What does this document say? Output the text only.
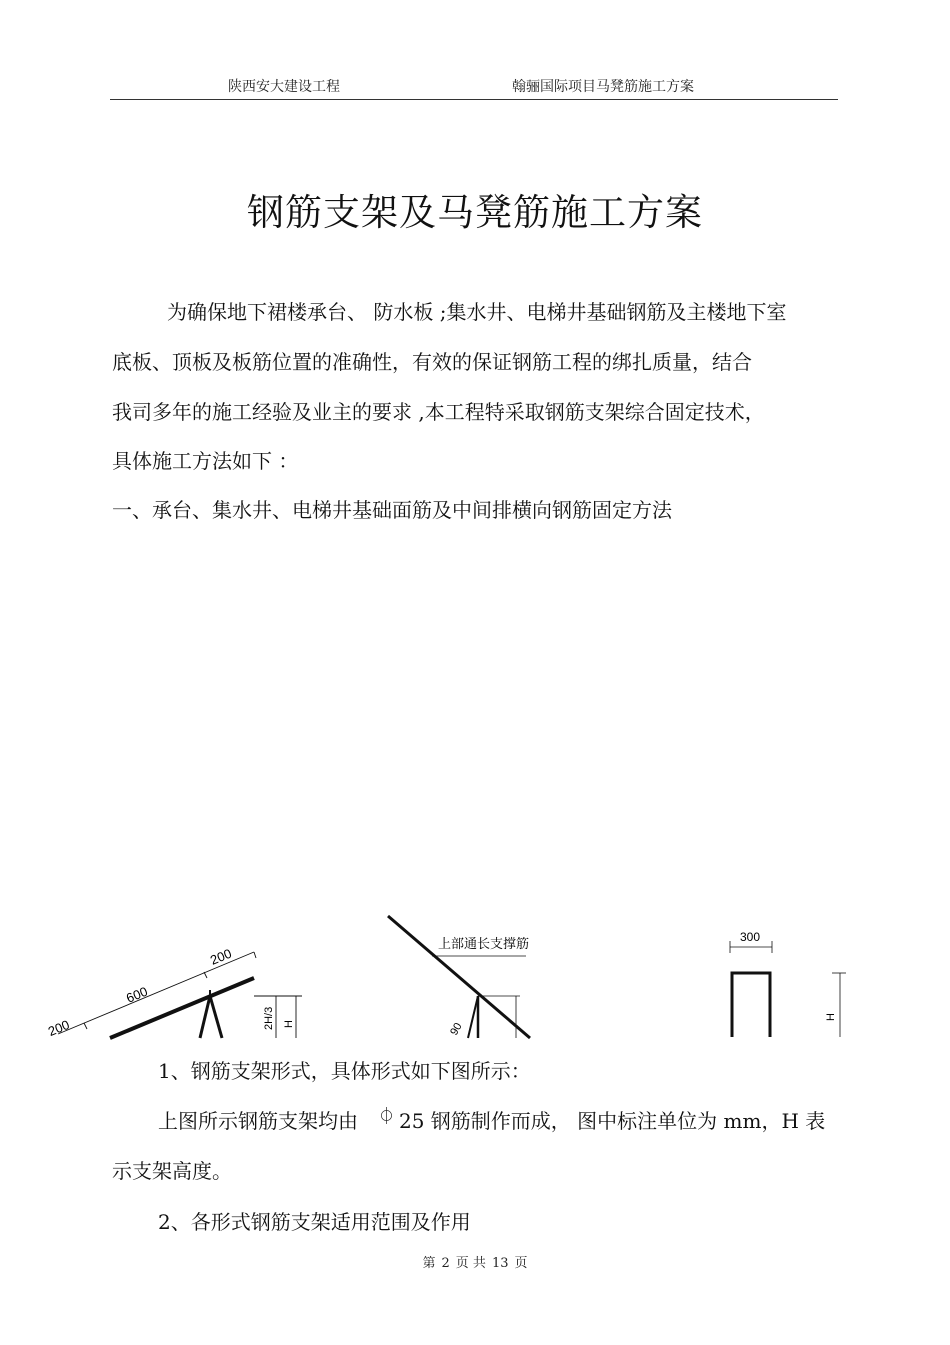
陕西安大建设工程	翰骊国际项目马凳筋施工方案
钢筋支架及马凳筋施工方案
为确保地下裙楼承台、 防水板 ;集水井、电梯井基础钢筋及主楼地下室
底板、顶板及板筋位置的准确性，有效的保证钢筋工程的绑扎质量，结合
我司多年的施工经验及业主的要求 ,本工程特采取钢筋支架综合固定技术，
具体施工方法如下 ：
一、承台、集水井、电梯井基础面筋及中间排横向钢筋固定方法
200
600
200
2H/3 H
上部通长支撑筋
90
300
H
1、钢筋支架形式，具体形式如下图所示：
上图所示钢筋支架均由 ⏀ 25 钢筋制作而成， 图中标注单位为 mm，H 表
示支架高度。
2、各形式钢筋支架适用范围及作用
第 2 页 共 13 页
